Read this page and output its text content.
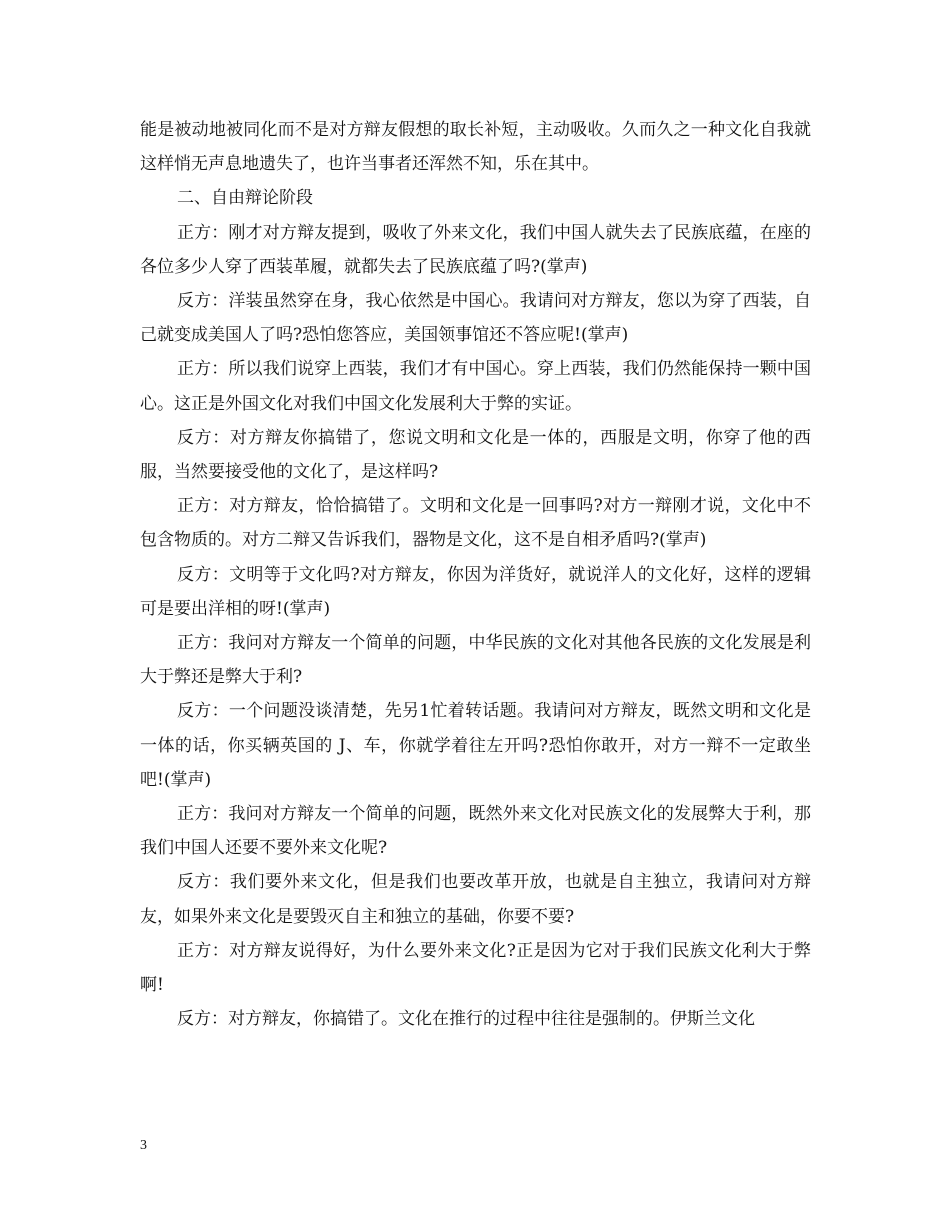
能是被动地被同化而不是对方辩友假想的取长补短，主动吸收。久而久之一种文化自我就这样悄无声息地遗失了，也许当事者还浑然不知，乐在其中。

二、自由辩论阶段

正方：刚才对方辩友提到，吸收了外来文化，我们中国人就失去了民族底蕴，在座的各位多少人穿了西装革履，就都失去了民族底蕴了吗?(掌声)

反方：洋装虽然穿在身，我心依然是中国心。我请问对方辩友，您以为穿了西装，自己就变成美国人了吗?恐怕您答应，美国领事馆还不答应呢!(掌声)

正方：所以我们说穿上西装，我们才有中国心。穿上西装，我们仍然能保持一颗中国心。这正是外国文化对我们中国文化发展利大于弊的实证。

反方：对方辩友你搞错了，您说文明和文化是一体的，西服是文明，你穿了他的西服，当然要接受他的文化了，是这样吗?

正方：对方辩友，恰恰搞错了。文明和文化是一回事吗?对方一辩刚才说，文化中不包含物质的。对方二辩又告诉我们，器物是文化，这不是自相矛盾吗?(掌声)

反方：文明等于文化吗?对方辩友，你因为洋货好，就说洋人的文化好，这样的逻辑可是要出洋相的呀!(掌声)

正方：我问对方辩友一个简单的问题，中华民族的文化对其他各民族的文化发展是利大于弊还是弊大于利?

反方：一个问题没谈清楚，先另1忙着转话题。我请问对方辩友，既然文明和文化是一体的话，你买辆英国的 J、车，你就学着往左开吗?恐怕你敢开，对方一辩不一定敢坐吧!(掌声)

正方：我问对方辩友一个简单的问题，既然外来文化对民族文化的发展弊大于利，那我们中国人还要不要外来文化呢?

反方：我们要外来文化，但是我们也要改革开放，也就是自主独立，我请问对方辩友，如果外来文化是要毁灭自主和独立的基础，你要不要?

正方：对方辩友说得好，为什么要外来文化?正是因为它对于我们民族文化利大于弊啊!

反方：对方辩友，你搞错了。文化在推行的过程中往往是强制的。伊斯兰文化

3
